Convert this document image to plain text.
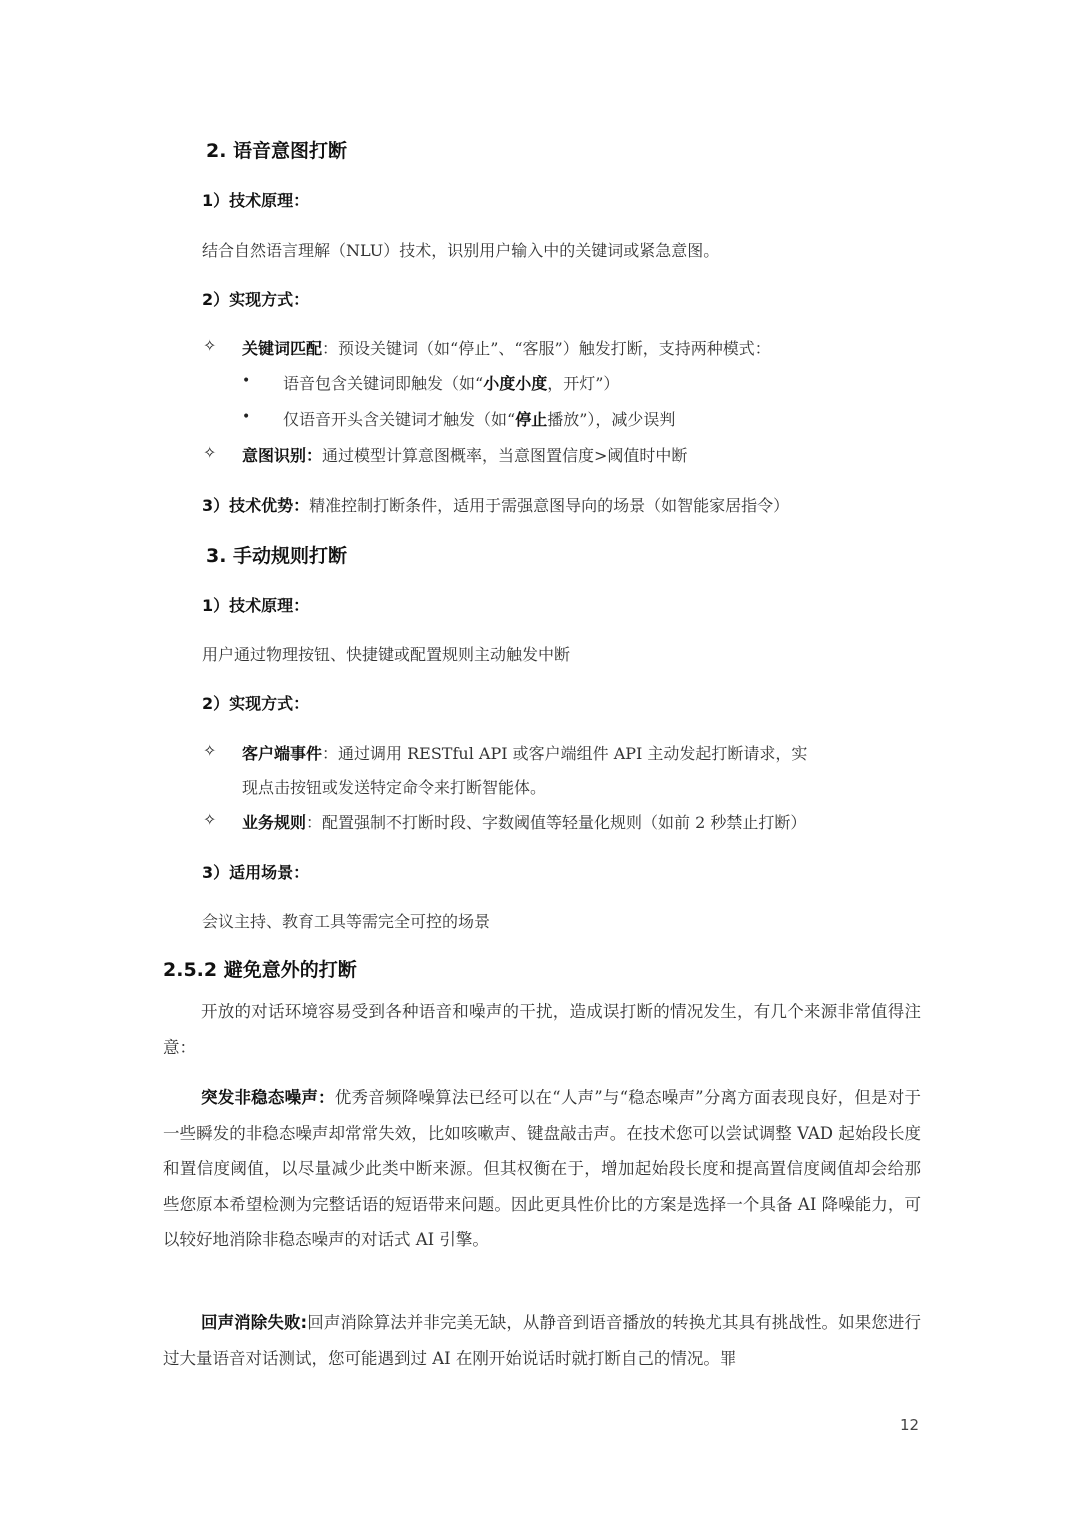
2. 语音意图打断
1）技术原理：
结合自然语言理解（NLU）技术，识别用户输入中的关键词或紧急意图。
2）实现方式：
✧ 关键词匹配：预设关键词（如“停止”、“客服”）触发打断，支持两种模式：
• 语音包含关键词即触发（如“小度小度，开灯”）
• 仅语音开头含关键词才触发（如“停止播放”），减少误判
✧ 意图识别：通过模型计算意图概率，当意图置信度>阈值时中断
3）技术优势：精准控制打断条件，适用于需强意图导向的场景（如智能家居指令）
3. 手动规则打断
1）技术原理：
用户通过物理按钮、快捷键或配置规则主动触发中断
2）实现方式：
✧ 客户端事件：通过调用 RESTful API 或客户端组件 API 主动发起打断请求，实
现点击按钮或发送特定命令来打断智能体。
✧ 业务规则：配置强制不打断时段、字数阈值等轻量化规则（如前 2 秒禁止打断）
3）适用场景：
会议主持、教育工具等需完全可控的场景
2.5.2 避免意外的打断
开放的对话环境容易受到各种语音和噪声的干扰，造成误打断的情况发生，有几个来源非常值得注意：
突发非稳态噪声：优秀音频降噪算法已经可以在“人声”与“稳态噪声”分离方面表现良好，但是对于一些瞬发的非稳态噪声却常常失效，比如咳嗽声、键盘敲击声。在技术您可以尝试调整 VAD 起始段长度和置信度阈值，以尽量减少此类中断来源。但其权衡在于，增加起始段长度和提高置信度阈值却会给那些您原本希望检测为完整话语的短语带来问题。因此更具性价比的方案是选择一个具备 AI 降噪能力，可以较好地消除非稳态噪声的对话式 AI 引擎。
回声消除失败:回声消除算法并非完美无缺，从静音到语音播放的转换尤其具有挑战性。如果您进行过大量语音对话测试，您可能遇到过 AI 在刚开始说话时就打断自己的情况。罪
12
